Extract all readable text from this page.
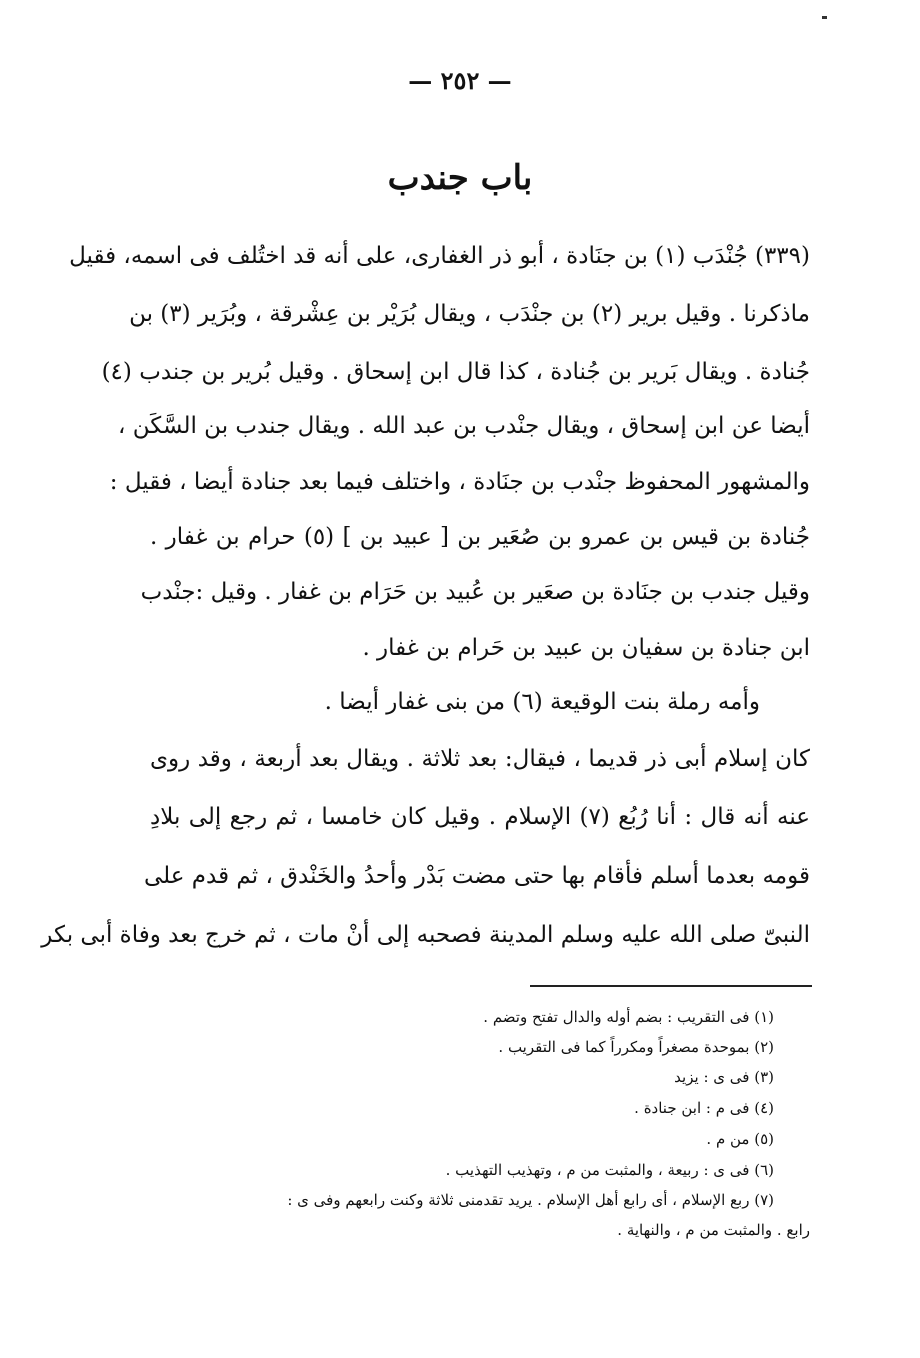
— ٢٥٢ —
باب جندب
(٣٣٩) جُنْدَب (١) بن جنَادة ، أبو ذر الغفارى، على أنه قد اختُلف فى اسمه، فقيل
ماذكرنا . وقيل برير (٢) بن جنْدَب ، ويقال بُرَيْر بن عِشْرقة ، وبُرَير (٣) بن
جُنادة . ويقال بَرير بن جُنادة ، كذا قال ابن إسحاق . وقيل بُرير بن جندب (٤)
أيضا عن ابن إسحاق ، ويقال جنْدب بن عبد الله . ويقال جندب بن السَّكَن ،
والمشهور المحفوظ جنْدب بن جنَادة ، واختلف فيما بعد جنادة أيضا ، فقيل :
جُنادة بن قيس بن عمرو بن صُعَير بن [ عبيد بن ] (٥) حرام بن غفار .
وقيل جندب بن جنَادة بن صعَير بن عُبيد بن حَرَام بن غفار . وقيل :جنْدب
ابن جنادة بن سفيان بن عبيد بن حَرام بن غفار .
وأمه رملة بنت الوقيعة (٦) من بنى غفار أيضا .
كان إسلام أبى ذر قديما ، فيقال: بعد ثلاثة . ويقال بعد أربعة ، وقد روى
عنه أنه قال : أنا رُبُع (٧) الإسلام . وقيل كان خامسا ، ثم رجع إلى بلادِ
قومه بعدما أسلم فأقام بها حتى مضت بَدْر وأحدُ والخَنْدق ، ثم قدم على
النبىّ صلى الله عليه وسلم المدينة فصحبه إلى أنْ مات ، ثم خرج بعد وفاة أبى بكر
(١) فى التقريب : بضم أوله والدال تفتح وتضم .
(٢) بموحدة مصغراً ومكرراً كما فى التقريب .
(٣) فى ى : يزيد
(٤) فى م : ابن جنادة .
(٥) من م .
(٦) فى ى : ربيعة ، والمثبت من م ، وتهذيب التهذيب .
(٧) ربع الإسلام ، أى رابع أهل الإسلام . يريد تقدمنى ثلاثة وكنت رابعهم وفى ى :
رابع . والمثبت من م ، والنهاية .
